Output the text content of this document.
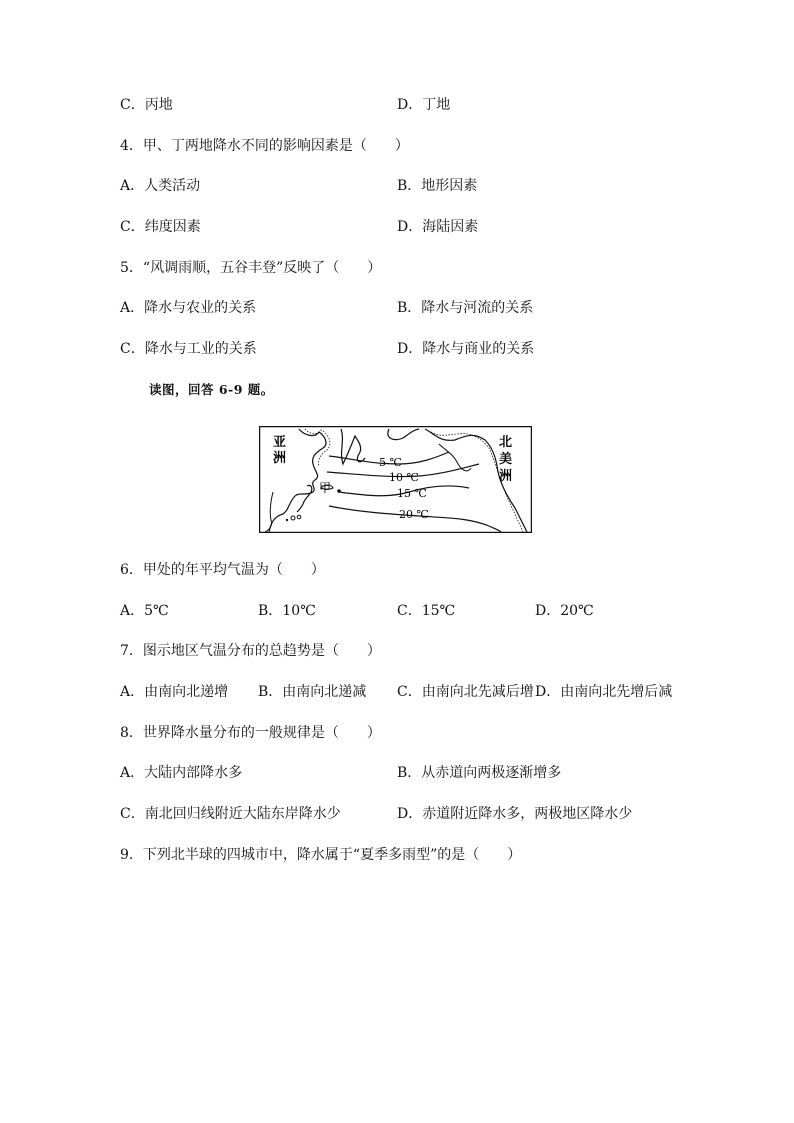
C．丙地	D．丁地
4．甲、丁两地降水不同的影响因素是（　　）
A．人类活动	B．地形因素
C．纬度因素	D．海陆因素
5．“风调雨顺，五谷丰登”反映了（　　）
A．降水与农业的关系	B．降水与河流的关系
C．降水与工业的关系	D．降水与商业的关系
读图，回答 6-9 题。
亚
洲
北
美
洲
5 ℃
10 ℃
15 ℃
20 ℃
甲
6．甲处的年平均气温为（　　）
A．5℃	B．10℃	C．15℃	D．20℃
7．图示地区气温分布的总趋势是（　　）
A．由南向北递增 B．由南向北递减 C．由南向北先减后增 D．由南向北先增后减
8．世界降水量分布的一般规律是（　　）
A．大陆内部降水多	B．从赤道向两极逐渐增多
C．南北回归线附近大陆东岸降水少	D．赤道附近降水多，两极地区降水少
9．下列北半球的四城市中，降水属于“夏季多雨型”的是（　　）
